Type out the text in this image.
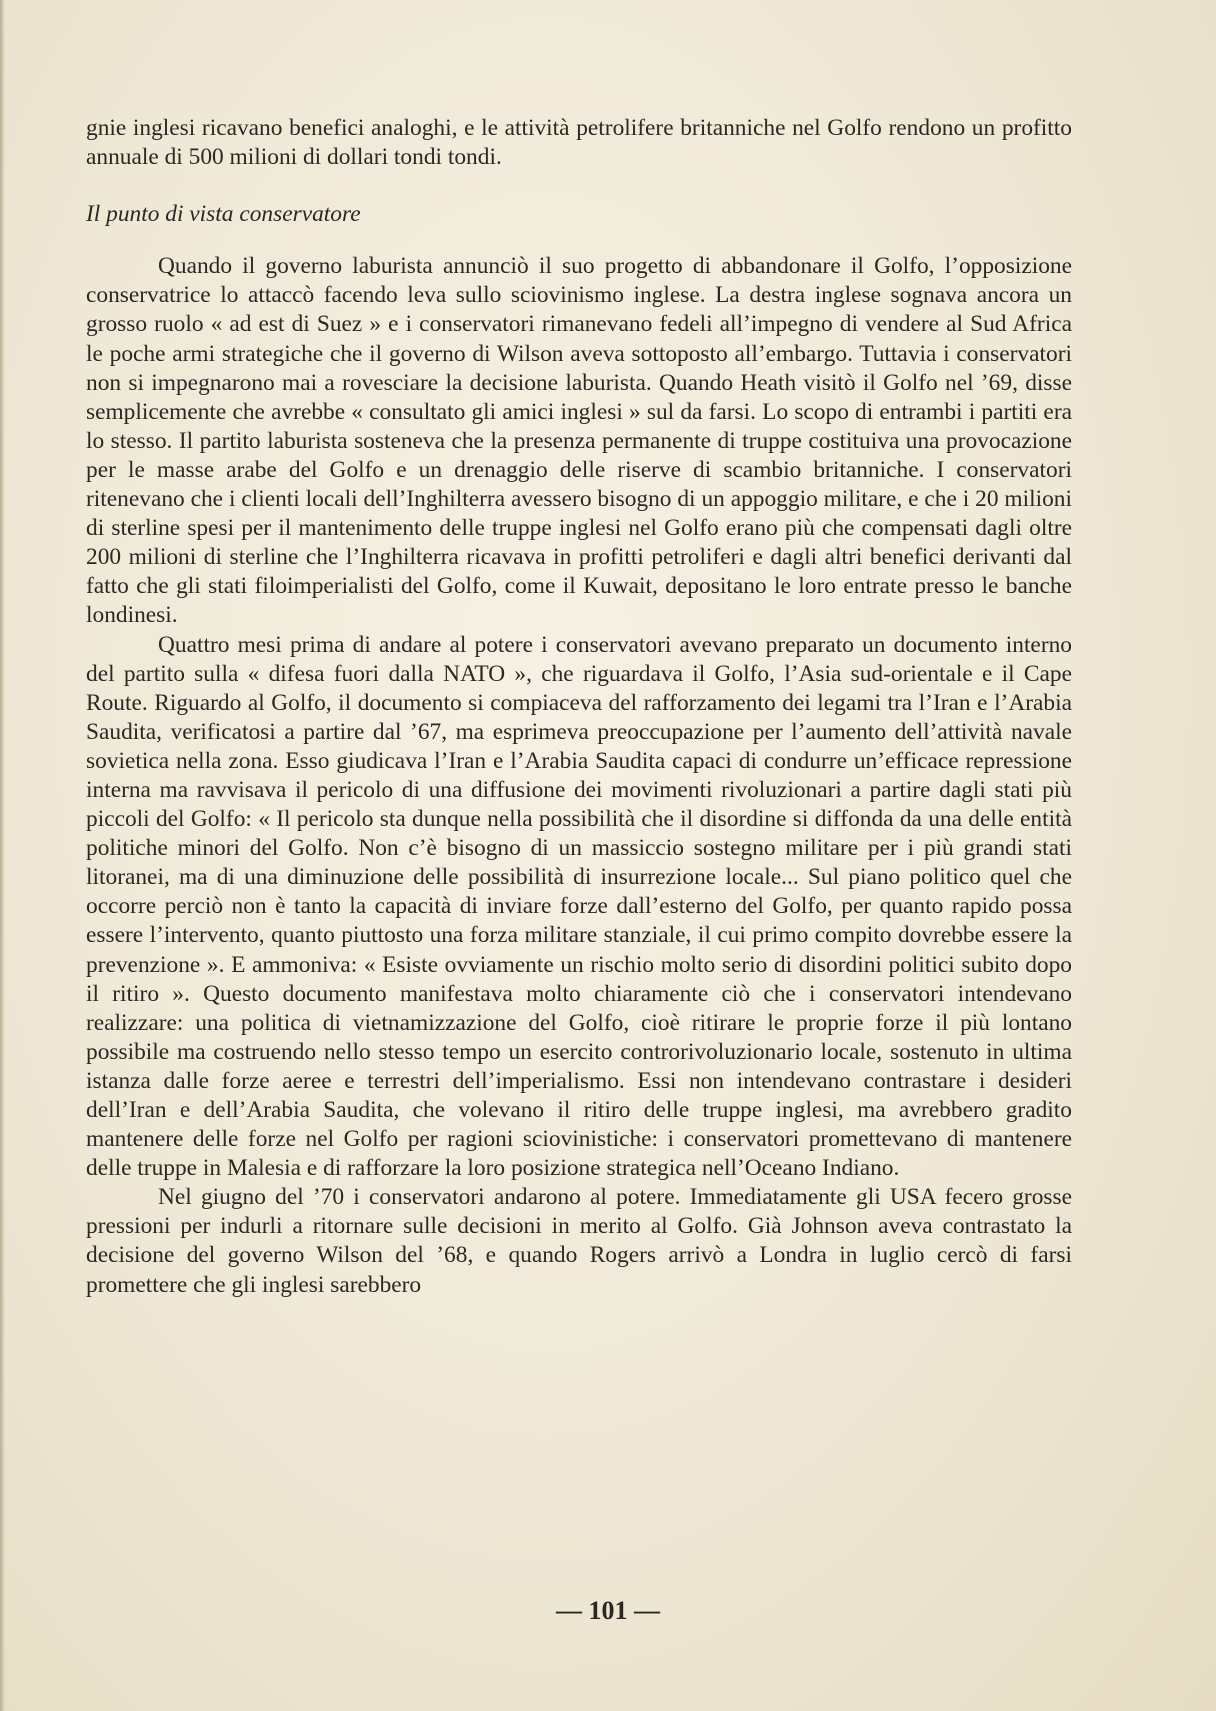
gnie inglesi ricavano benefici analoghi, e le attività petrolifere britanniche nel Golfo rendono un profitto annuale di 500 milioni di dollari tondi tondi.

Il punto di vista conservatore

Quando il governo laburista annunciò il suo progetto di abbandonare il Golfo, l’opposizione conservatrice lo attaccò facendo leva sullo sciovinismo inglese. La destra inglese sognava ancora un grosso ruolo « ad est di Suez » e i conservatori rimanevano fedeli all’impegno di vendere al Sud Africa le poche armi strategiche che il governo di Wilson aveva sottoposto all’embargo. Tuttavia i conservatori non si impegnarono mai a rovesciare la decisione laburista. Quando Heath visitò il Golfo nel ’69, disse semplicemente che avrebbe « consultato gli amici inglesi » sul da farsi. Lo scopo di entrambi i partiti era lo stesso. Il partito laburista sosteneva che la presenza permanente di truppe costituiva una provocazione per le masse arabe del Golfo e un drenaggio delle riserve di scambio britanniche. I conservatori ritenevano che i clienti locali dell’Inghilterra avessero bisogno di un appoggio militare, e che i 20 milioni di sterline spesi per il mantenimento delle truppe inglesi nel Golfo erano più che compensati dagli oltre 200 milioni di sterline che l’Inghilterra ricavava in profitti petroliferi e dagli altri benefici derivanti dal fatto che gli stati filoimperialisti del Golfo, come il Kuwait, depositano le loro entrate presso le banche londinesi.

Quattro mesi prima di andare al potere i conservatori avevano preparato un documento interno del partito sulla « difesa fuori dalla NATO », che riguardava il Golfo, l’Asia sud-orientale e il Cape Route. Riguardo al Golfo, il documento si compiaceva del rafforzamento dei legami tra l’Iran e l’Arabia Saudita, verificatosi a partire dal ’67, ma esprimeva preoccupazione per l’aumento dell’attività navale sovietica nella zona. Esso giudicava l’Iran e l’Arabia Saudita capaci di condurre un’efficace repressione interna ma ravvisava il pericolo di una diffusione dei movimenti rivoluzionari a partire dagli stati più piccoli del Golfo: « Il pericolo sta dunque nella possibilità che il disordine si diffonda da una delle entità politiche minori del Golfo. Non c’è bisogno di un massiccio sostegno militare per i più grandi stati litoranei, ma di una diminuzione delle possibilità di insurrezione locale... Sul piano politico quel che occorre perciò non è tanto la capacità di inviare forze dall’esterno del Golfo, per quanto rapido possa essere l’intervento, quanto piuttosto una forza militare stanziale, il cui primo compito dovrebbe essere la prevenzione ». E ammoniva: « Esiste ovviamente un rischio molto serio di disordini politici subito dopo il ritiro ». Questo documento manifestava molto chiaramente ciò che i conservatori intendevano realizzare: una politica di vietnamizzazione del Golfo, cioè ritirare le proprie forze il più lontano possibile ma costruendo nello stesso tempo un esercito controrivoluzionario locale, sostenuto in ultima istanza dalle forze aeree e terrestri dell’imperialismo. Essi non intendevano contrastare i desideri dell’Iran e dell’Arabia Saudita, che volevano il ritiro delle truppe inglesi, ma avrebbero gradito mantenere delle forze nel Golfo per ragioni sciovinistiche: i conservatori promettevano di mantenere delle truppe in Malesia e di rafforzare la loro posizione strategica nell’Oceano Indiano.

Nel giugno del ’70 i conservatori andarono al potere. Immediatamente gli USA fecero grosse pressioni per indurli a ritornare sulle decisioni in merito al Golfo. Già Johnson aveva contrastato la decisione del governo Wilson del ’68, e quando Rogers arrivò a Londra in luglio cercò di farsi promettere che gli inglesi sarebbero

— 101 —
